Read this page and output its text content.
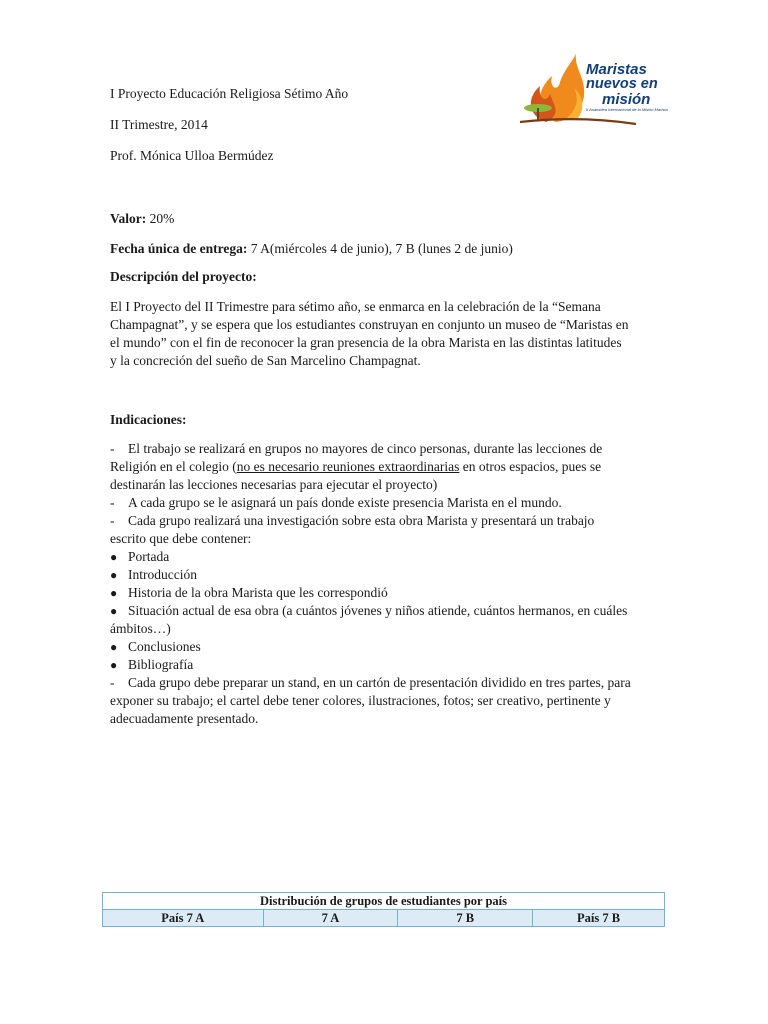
I Proyecto Educación Religiosa Sétimo Año
II Trimestre, 2014
Prof. Mónica Ulloa Bermúdez
Maristas
nuevos en
misión
II Asamblea Internacional de la Misión Marista
Valor: 20%
Fecha única de entrega: 7 A(miércoles 4 de junio), 7 B (lunes 2 de junio)
Descripción del proyecto:
El I Proyecto del II Trimestre para sétimo año, se enmarca en la celebración de la “Semana
Champagnat”, y se espera que los estudiantes construyan en conjunto un museo de “Maristas en
el mundo” con el fin de reconocer la gran presencia de la obra Marista en las distintas latitudes
y la concreción del sueño de San Marcelino Champagnat.
Indicaciones:
-	El trabajo se realizará en grupos no mayores de cinco personas, durante las lecciones de
Religión en el colegio (no es necesario reuniones extraordinarias en otros espacios, pues se
destinarán las lecciones necesarias para ejecutar el proyecto)
-	A cada grupo se le asignará un país donde existe presencia Marista en el mundo.
-	Cada grupo realizará una investigación sobre esta obra Marista y presentará un trabajo
escrito que debe contener:
● Portada
● Introducción
● Historia de la obra Marista que les correspondió
● Situación actual de esa obra (a cuántos jóvenes y niños atiende, cuántos hermanos, en cuáles
ámbitos…)
● Conclusiones
● Bibliografía
-	Cada grupo debe preparar un stand, en un cartón de presentación dividido en tres partes, para
exponer su trabajo; el cartel debe tener colores, ilustraciones, fotos; ser creativo, pertinente y
adecuadamente presentado.
Distribución de grupos de estudiantes por país
País 7 A	7 A	7 B	País 7 B
